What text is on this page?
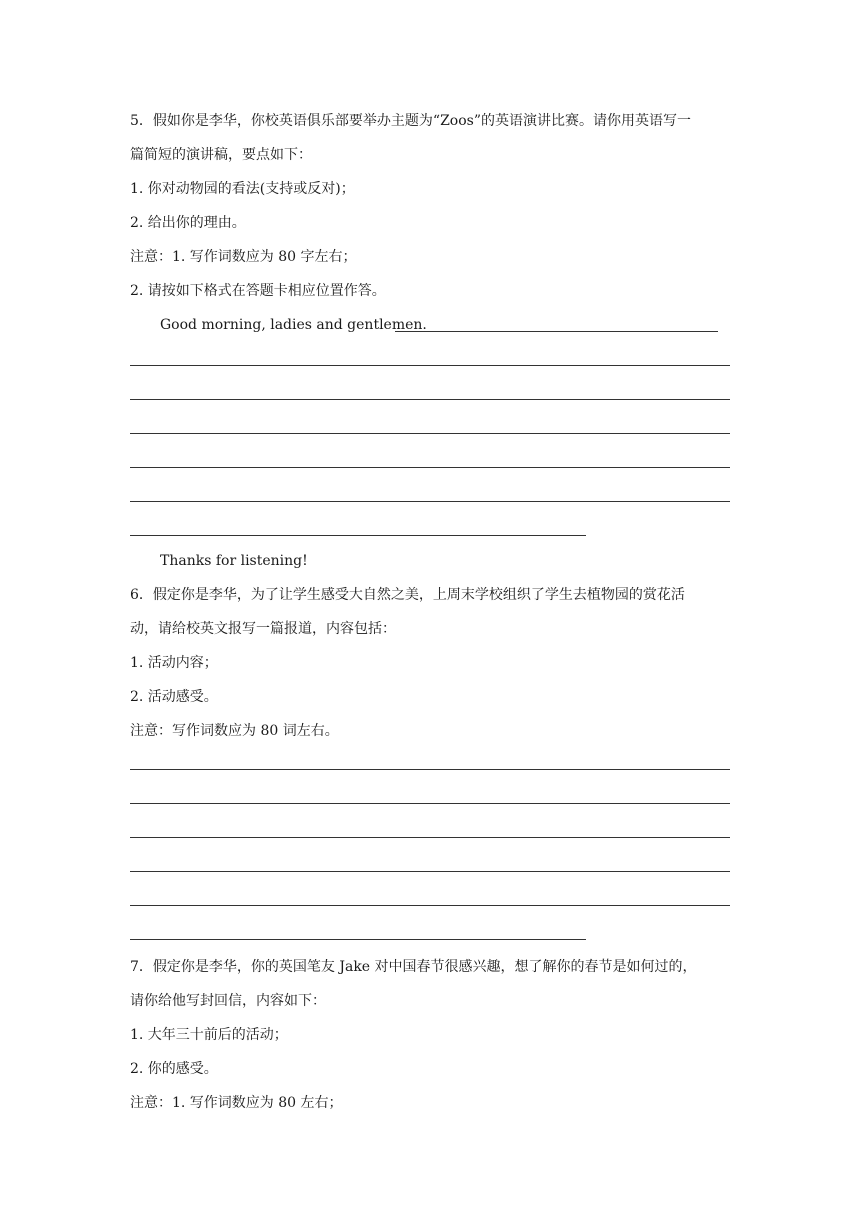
5．假如你是李华，你校英语俱乐部要举办主题为“Zoos”的英语演讲比赛。请你用英语写一
篇简短的演讲稿，要点如下：
1. 你对动物园的看法(支持或反对)；
2. 给出你的理由。
注意：1. 写作词数应为 80 字左右；
2. 请按如下格式在答题卡相应位置作答。
Good morning, ladies and gentlemen.
Thanks for listening!
6．假定你是李华，为了让学生感受大自然之美，上周末学校组织了学生去植物园的赏花活
动，请给校英文报写一篇报道，内容包括：
1. 活动内容；
2. 活动感受。
注意：写作词数应为 80 词左右。
7．假定你是李华，你的英国笔友 Jake 对中国春节很感兴趣，想了解你的春节是如何过的，
请你给他写封回信，内容如下：
1. 大年三十前后的活动；
2. 你的感受。
注意：1. 写作词数应为 80 左右；
